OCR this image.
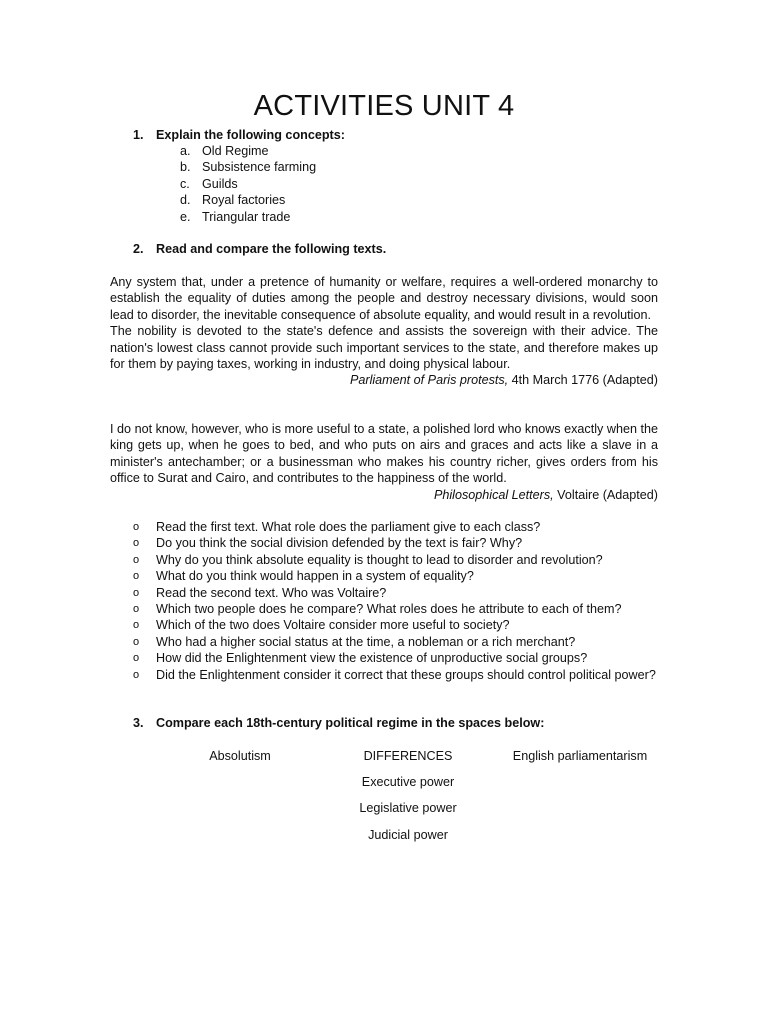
ACTIVITIES UNIT 4
1. Explain the following concepts:
a. Old Regime
b. Subsistence farming
c. Guilds
d. Royal factories
e. Triangular trade
2. Read and compare the following texts.

Any system that, under a pretence of humanity or welfare, requires a well-ordered monarchy to establish the equality of duties among the people and destroy necessary divisions, would soon lead to disorder, the inevitable consequence of absolute equality, and would result in a revolution.

The nobility is devoted to the state's defence and assists the sovereign with their advice. The nation's lowest class cannot provide such important services to the state, and therefore makes up for them by paying taxes, working in industry, and doing physical labour.

Parliament of Paris protests, 4th March 1776 (Adapted)

I do not know, however, who is more useful to a state, a polished lord who knows exactly when the king gets up, when he goes to bed, and who puts on airs and graces and acts like a slave in a minister's antechamber; or a businessman who makes his country richer, gives orders from his office to Surat and Cairo, and contributes to the happiness of the world.

Philosophical Letters, Voltaire (Adapted)

o Read the first text. What role does the parliament give to each class?
o Do you think the social division defended by the text is fair? Why?
o Why do you think absolute equality is thought to lead to disorder and revolution?
o What do you think would happen in a system of equality?
o Read the second text. Who was Voltaire?
o Which two people does he compare? What roles does he attribute to each of them?
o Which of the two does Voltaire consider more useful to society?
o Who had a higher social status at the time, a nobleman or a rich merchant?
o How did the Enlightenment view the existence of unproductive social groups?
o Did the Enlightenment consider it correct that these groups should control political power?
3. Compare each 18th-century political regime in the spaces below:
Absolutism	DIFFERENCES	English parliamentarism
Executive power
Legislative power
Judicial power
